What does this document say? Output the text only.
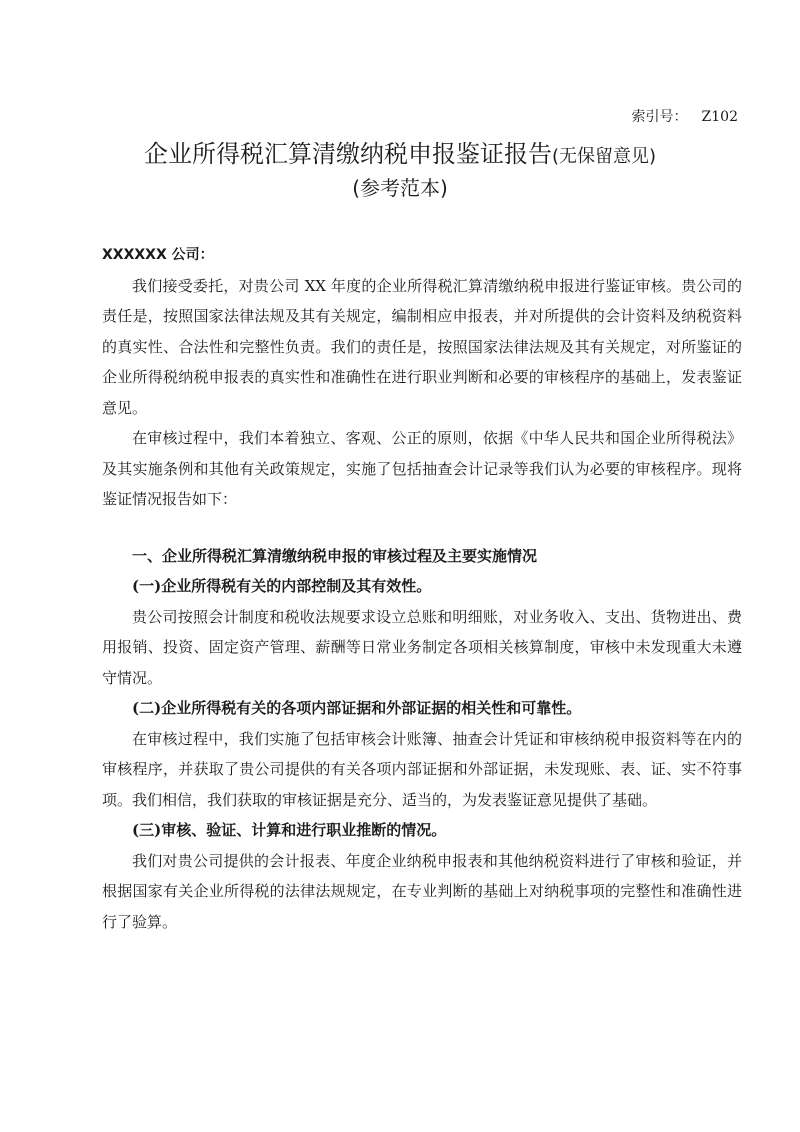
索引号： Z102
企业所得税汇算清缴纳税申报鉴证报告(无保留意见)
(参考范本)

XXXXXX 公司：

我们接受委托，对贵公司 XX 年度的企业所得税汇算清缴纳税申报进行鉴证审核。贵公司的责任是，按照国家法律法规及其有关规定，编制相应申报表，并对所提供的会计资料及纳税资料的真实性、合法性和完整性负责。我们的责任是，按照国家法律法规及其有关规定，对所鉴证的企业所得税纳税申报表的真实性和准确性在进行职业判断和必要的审核程序的基础上，发表鉴证意见。

在审核过程中，我们本着独立、客观、公正的原则，依据《中华人民共和国企业所得税法》及其实施条例和其他有关政策规定，实施了包括抽查会计记录等我们认为必要的审核程序。现将鉴证情况报告如下：

一、企业所得税汇算清缴纳税申报的审核过程及主要实施情况

(一)企业所得税有关的内部控制及其有效性。

贵公司按照会计制度和税收法规要求设立总账和明细账，对业务收入、支出、货物进出、费用报销、投资、固定资产管理、薪酬等日常业务制定各项相关核算制度，审核中未发现重大未遵守情况。

(二)企业所得税有关的各项内部证据和外部证据的相关性和可靠性。

在审核过程中，我们实施了包括审核会计账簿、抽查会计凭证和审核纳税申报资料等在内的审核程序，并获取了贵公司提供的有关各项内部证据和外部证据，未发现账、表、证、实不符事项。我们相信，我们获取的审核证据是充分、适当的，为发表鉴证意见提供了基础。

(三)审核、验证、计算和进行职业推断的情况。

我们对贵公司提供的会计报表、年度企业纳税申报表和其他纳税资料进行了审核和验证，并根据国家有关企业所得税的法律法规规定，在专业判断的基础上对纳税事项的完整性和准确性进行了验算。
